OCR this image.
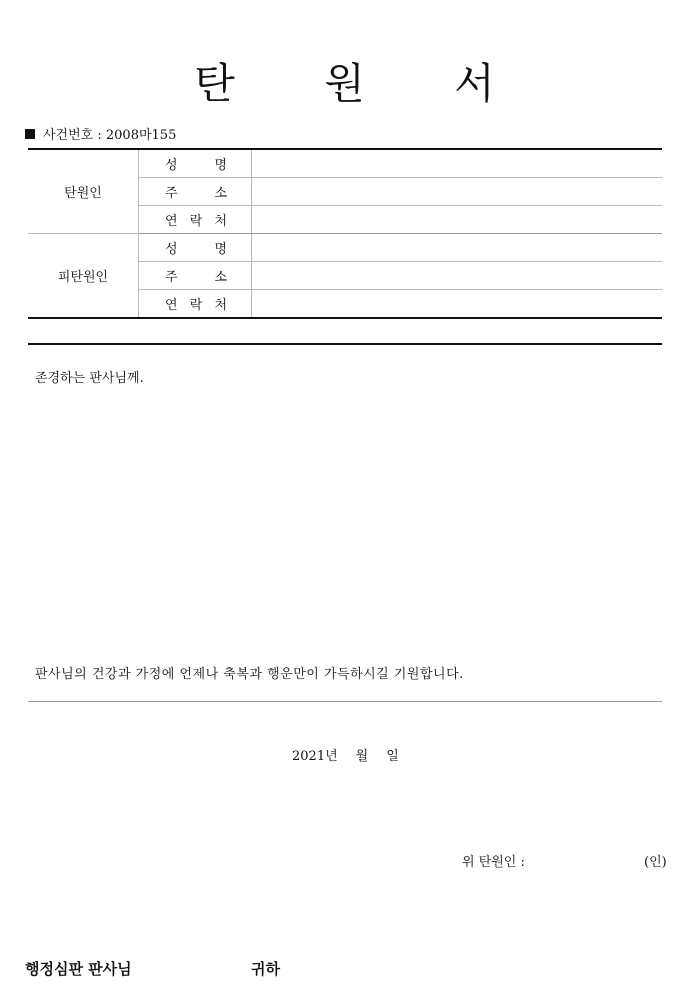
탄 원 서
사건번호 :
2008마155
탄원인	성 명	

	주 소	

	연 락 처	

피탄원인	성 명	

	주 소	

	연 락 처	

존경하는 판사님께.
판사님의 건강과 가정에 언제나 축복과 행운만이 가득하시길 기원합니다.
2021년 월 일
위 탄원인 :	(인)
행정심판 판사님	귀하
